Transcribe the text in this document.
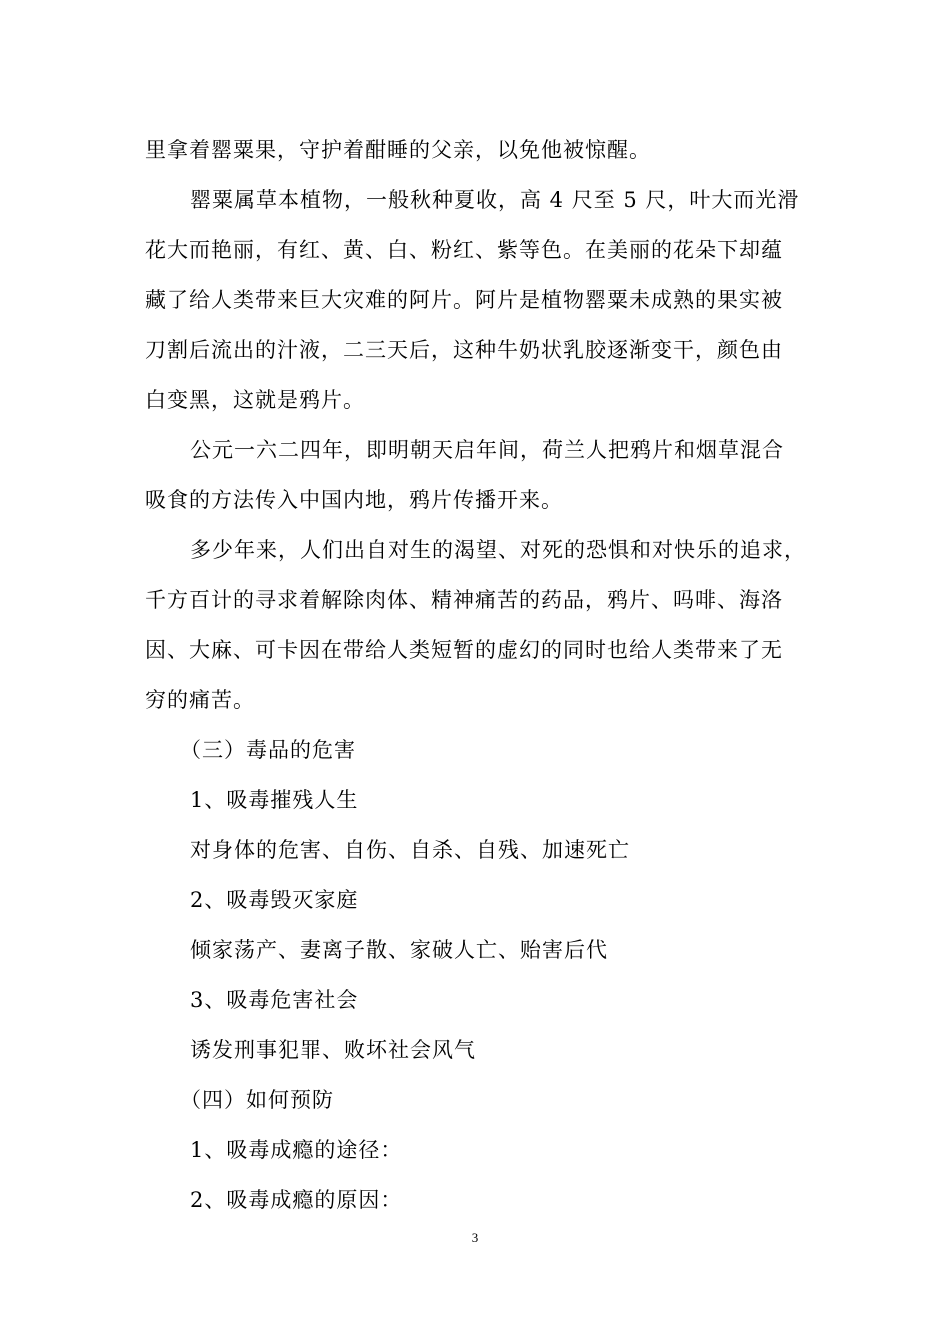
里拿着罂粟果，守护着酣睡的父亲，以免他被惊醒。
罂粟属草本植物，一般秋种夏收，高 4 尺至 5 尺，叶大而光滑
花大而艳丽，有红、黄、白、粉红、紫等色。在美丽的花朵下却蕴
藏了给人类带来巨大灾难的阿片。阿片是植物罂粟未成熟的果实被
刀割后流出的汁液，二三天后，这种牛奶状乳胶逐渐变干，颜色由
白变黑，这就是鸦片。
公元一六二四年，即明朝天启年间，荷兰人把鸦片和烟草混合
吸食的方法传入中国内地，鸦片传播开来。
多少年来，人们出自对生的渴望、对死的恐惧和对快乐的追求，
千方百计的寻求着解除肉体、精神痛苦的药品，鸦片、吗啡、海洛
因、大麻、可卡因在带给人类短暂的虚幻的同时也给人类带来了无
穷的痛苦。
（三）毒品的危害
1、吸毒摧残人生
对身体的危害、自伤、自杀、自残、加速死亡
2、吸毒毁灭家庭
倾家荡产、妻离子散、家破人亡、贻害后代
3、吸毒危害社会
诱发刑事犯罪、败坏社会风气
（四）如何预防
1、吸毒成瘾的途径：
2、吸毒成瘾的原因：
3
